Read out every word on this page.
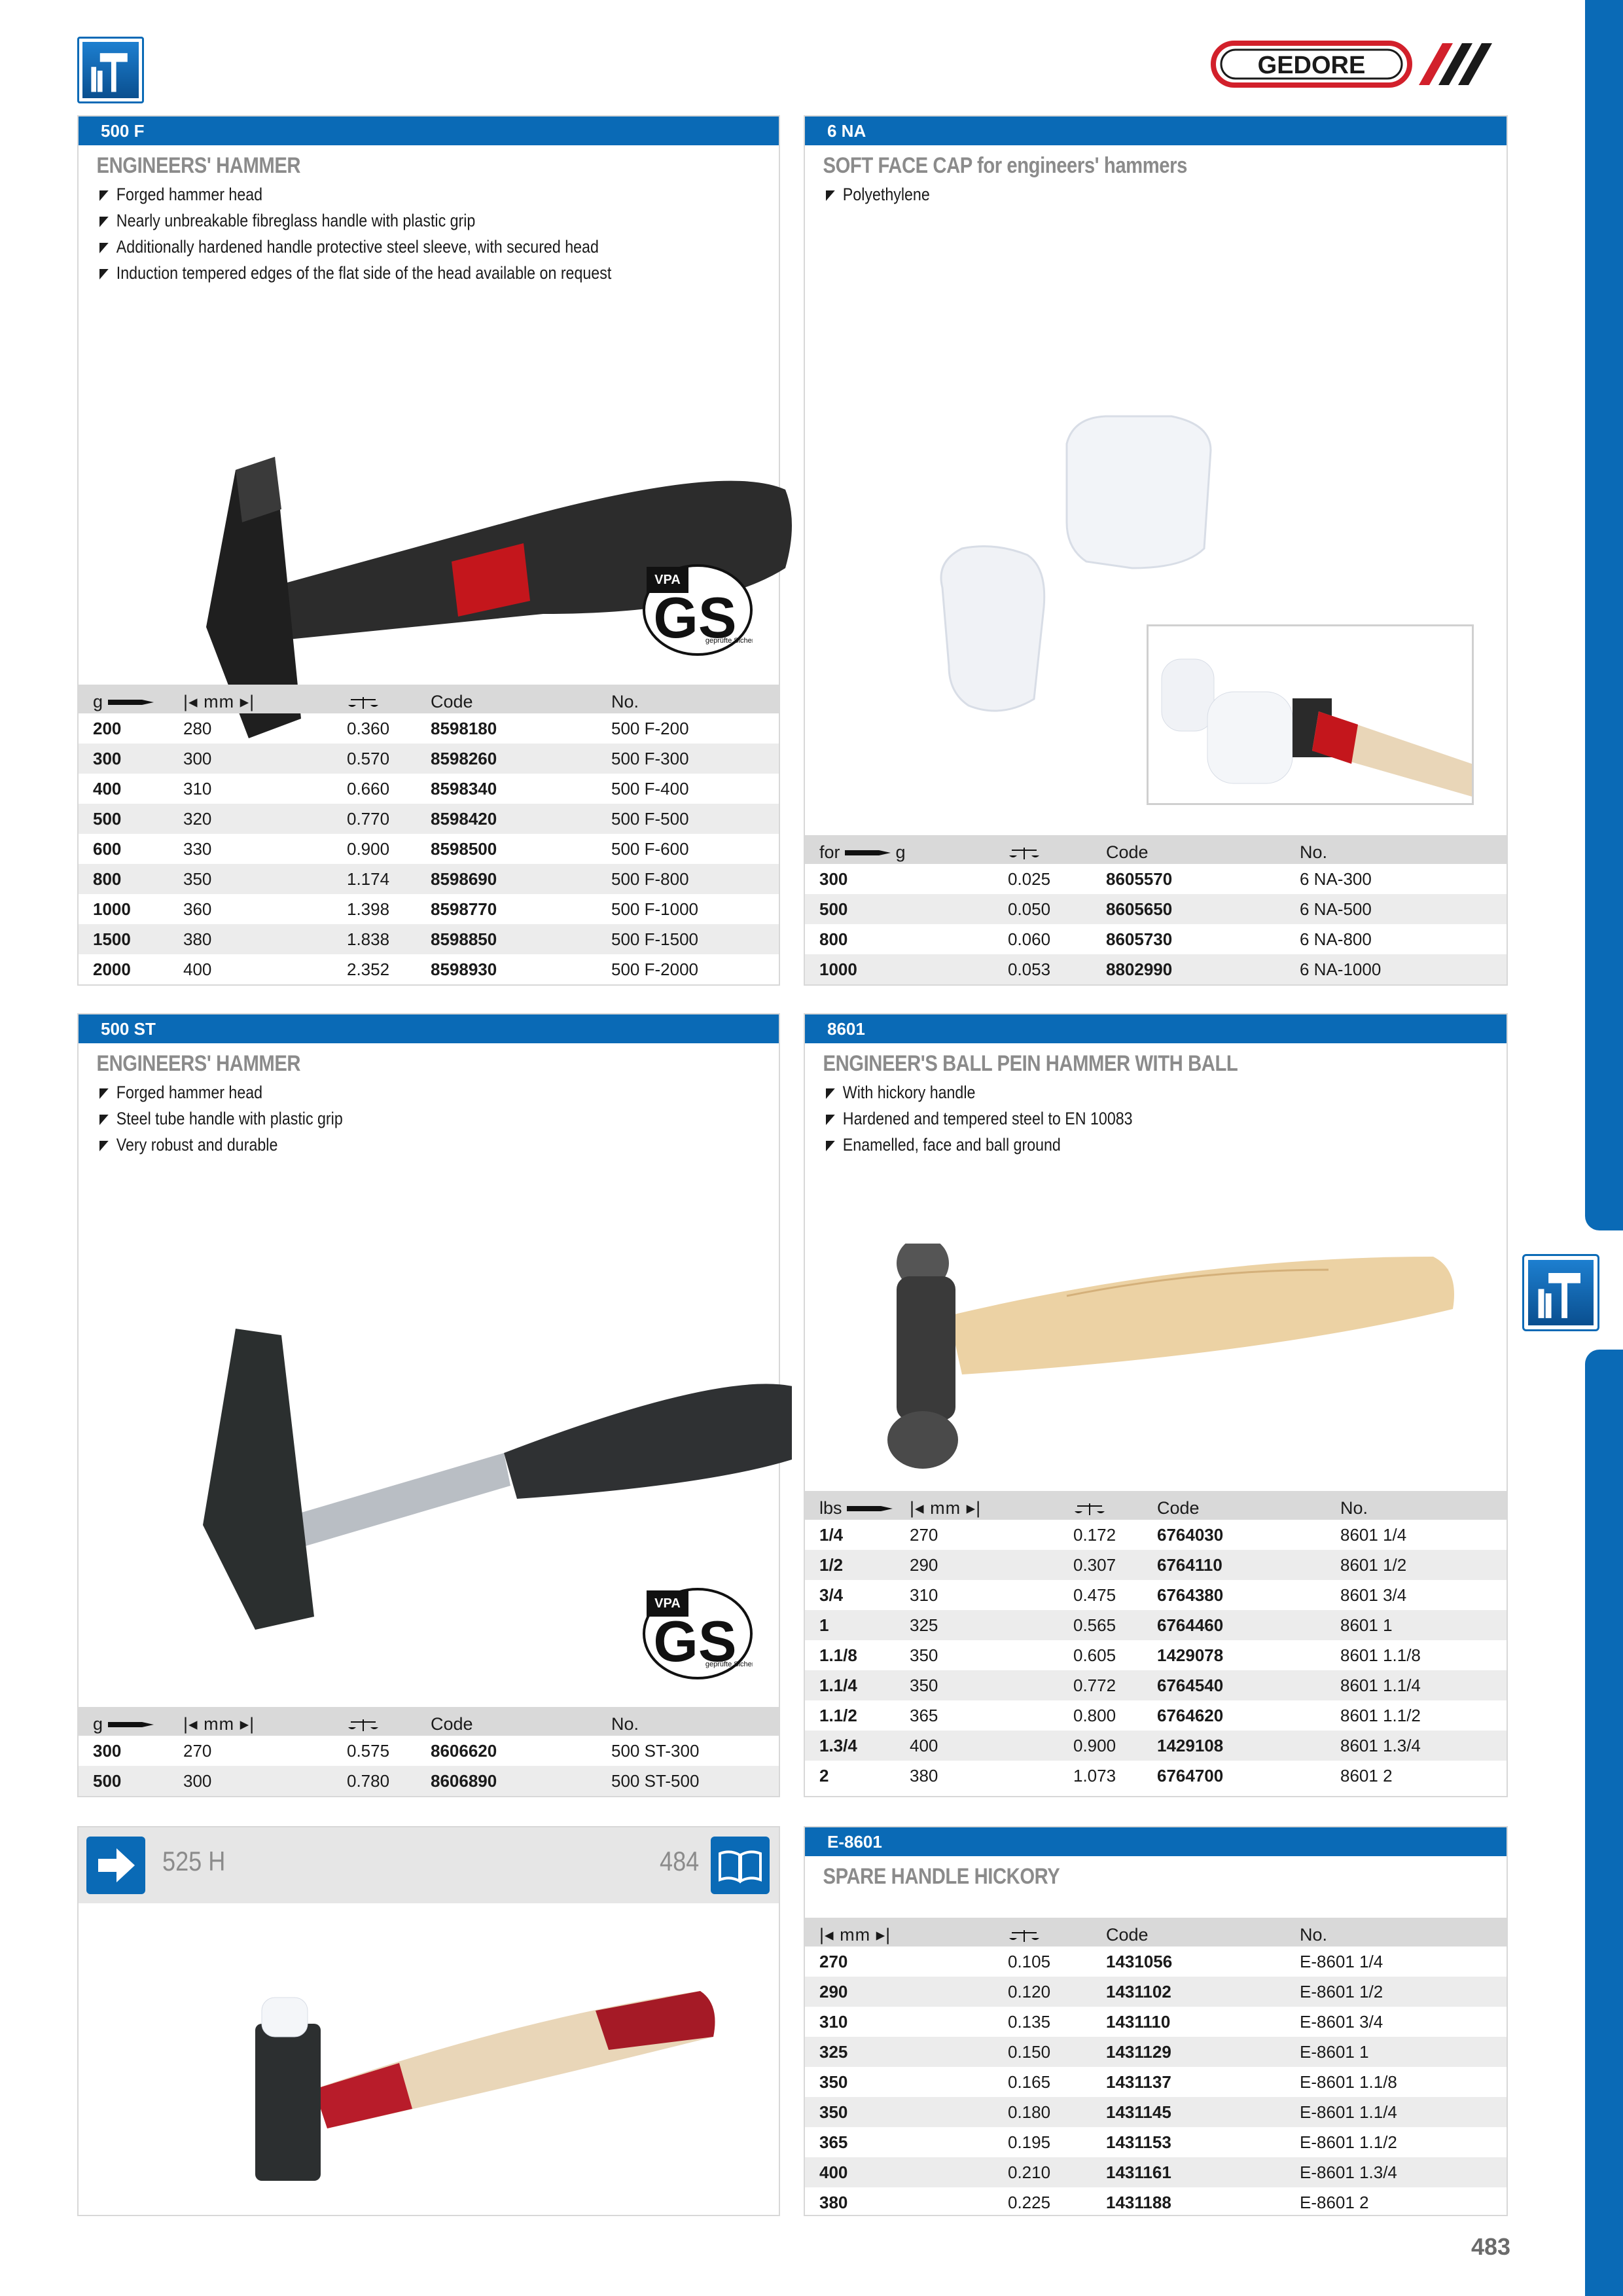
GEDORE
500 F
ENGINEERS' HAMMER
Forged hammer head
Nearly unbreakable fibreglass handle with plastic grip
Additionally hardened handle protective steel sleeve, with secured head
Induction tempered edges of the flat side of the head available on request
VPA
GS
geprüfte Siche
g	|◂ mm ▸|		Code	No.
200	280	0.360	8598180	500 F-200
300	300	0.570	8598260	500 F-300
400	310	0.660	8598340	500 F-400
500	320	0.770	8598420	500 F-500
600	330	0.900	8598500	500 F-600
800	350	1.174	8598690	500 F-800
1000	360	1.398	8598770	500 F-1000
1500	380	1.838	8598850	500 F-1500
2000	400	2.352	8598930	500 F-2000
6 NA
SOFT FACE CAP for engineers' hammers
Polyethylene
for g		Code	No.
300	0.025	8605570	6 NA-300
500	0.050	8605650	6 NA-500
800	0.060	8605730	6 NA-800
1000	0.053	8802990	6 NA-1000
500 ST
ENGINEERS' HAMMER
Forged hammer head
Steel tube handle with plastic grip
Very robust and durable
VPA
GS
geprüfte Siche
g	|◂ mm ▸|		Code	No.
300	270	0.575	8606620	500 ST-300
500	300	0.780	8606890	500 ST-500
8601
ENGINEER'S BALL PEIN HAMMER WITH BALL
With hickory handle
Hardened and tempered steel to EN 10083
Enamelled, face and ball ground
lbs	|◂ mm ▸|		Code	No.
1/4	270	0.172	6764030	8601 1/4
1/2	290	0.307	6764110	8601 1/2
3/4	310	0.475	6764380	8601 3/4
1	325	0.565	6764460	8601 1
1.1/8	350	0.605	1429078	8601 1.1/8
1.1/4	350	0.772	6764540	8601 1.1/4
1.1/2	365	0.800	6764620	8601 1.1/2
1.3/4	400	0.900	1429108	8601 1.3/4
2	380	1.073	6764700	8601 2
525 H	484
E-8601
SPARE HANDLE HICKORY
|◂ mm ▸|		Code	No.
270	0.105	1431056	E-8601 1/4
290	0.120	1431102	E-8601 1/2
310	0.135	1431110	E-8601 3/4
325	0.150	1431129	E-8601 1
350	0.165	1431137	E-8601 1.1/8
350	0.180	1431145	E-8601 1.1/4
365	0.195	1431153	E-8601 1.1/2
400	0.210	1431161	E-8601 1.3/4
380	0.225	1431188	E-8601 2
483
